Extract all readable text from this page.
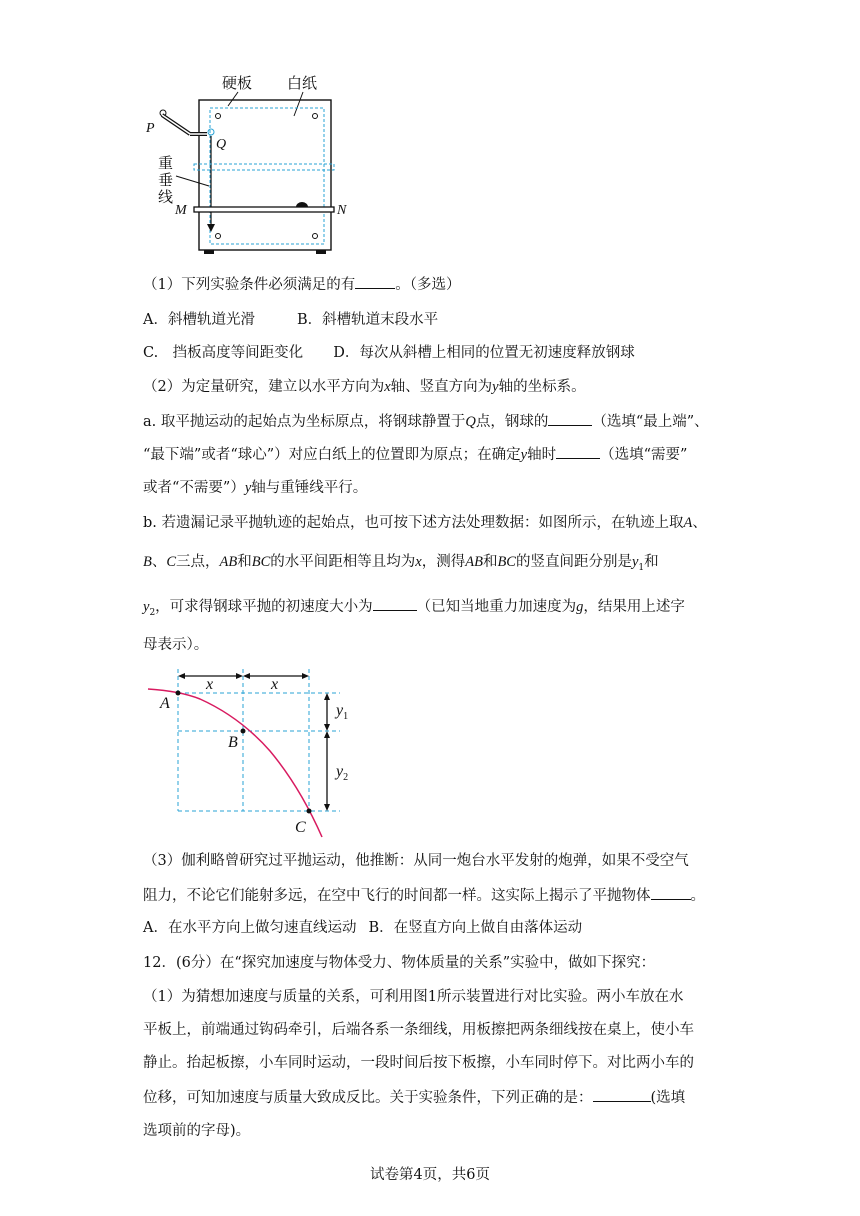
硬板 白纸
P
Q
重
垂
线
M	N
（1）下列实验条件必须满足的有	。（多选）
A．斜槽轨道光滑	B．斜槽轨道末段水平
C.　挡板高度等间距变化 D．每次从斜槽上相同的位置无初速度释放钢球
（2）为定量研究，建立以水平方向为x轴、竖直方向为y轴的坐标系。
a. 取平抛运动的起始点为坐标原点，将钢球静置于Q点，钢球的	（选填“最上端”、
“最下端”或者“球心”）对应白纸上的位置即为原点；在确定y轴时	（选填“需要”
或者“不需要”）y轴与重锤线平行。
b. 若遗漏记录平抛轨迹的起始点，也可按下述方法处理数据：如图所示，在轨迹上取A、
B、C三点，AB和BC的水平间距相等且均为x，测得AB和BC的竖直间距分别是$y_1$和
$y_2$，可求得钢球平抛的初速度大小为	（已知当地重力加速度为g，结果用上述字
母表示）。
x	x
$y_1$
$y_2$
A
B
C
（3）伽利略曾研究过平抛运动，他推断：从同一炮台水平发射的炮弹，如果不受空气
阻力，不论它们能射多远，在空中飞行的时间都一样。这实际上揭示了平抛物体	。
A．在水平方向上做匀速直线运动 B．在竖直方向上做自由落体运动
12．(6分）在“探究加速度与物体受力、物体质量的关系”实验中，做如下探究：
（1）为猜想加速度与质量的关系，可利用图1所示装置进行对比实验。两小车放在水
平板上，前端通过钩码牵引，后端各系一条细线，用板擦把两条细线按在桌上，使小车
静止。抬起板擦，小车同时运动，一段时间后按下板擦，小车同时停下。对比两小车的
位移，可知加速度与质量大致成反比。关于实验条件，下列正确的是：	(选填
选项前的字母)。
试卷第4页，共6页
